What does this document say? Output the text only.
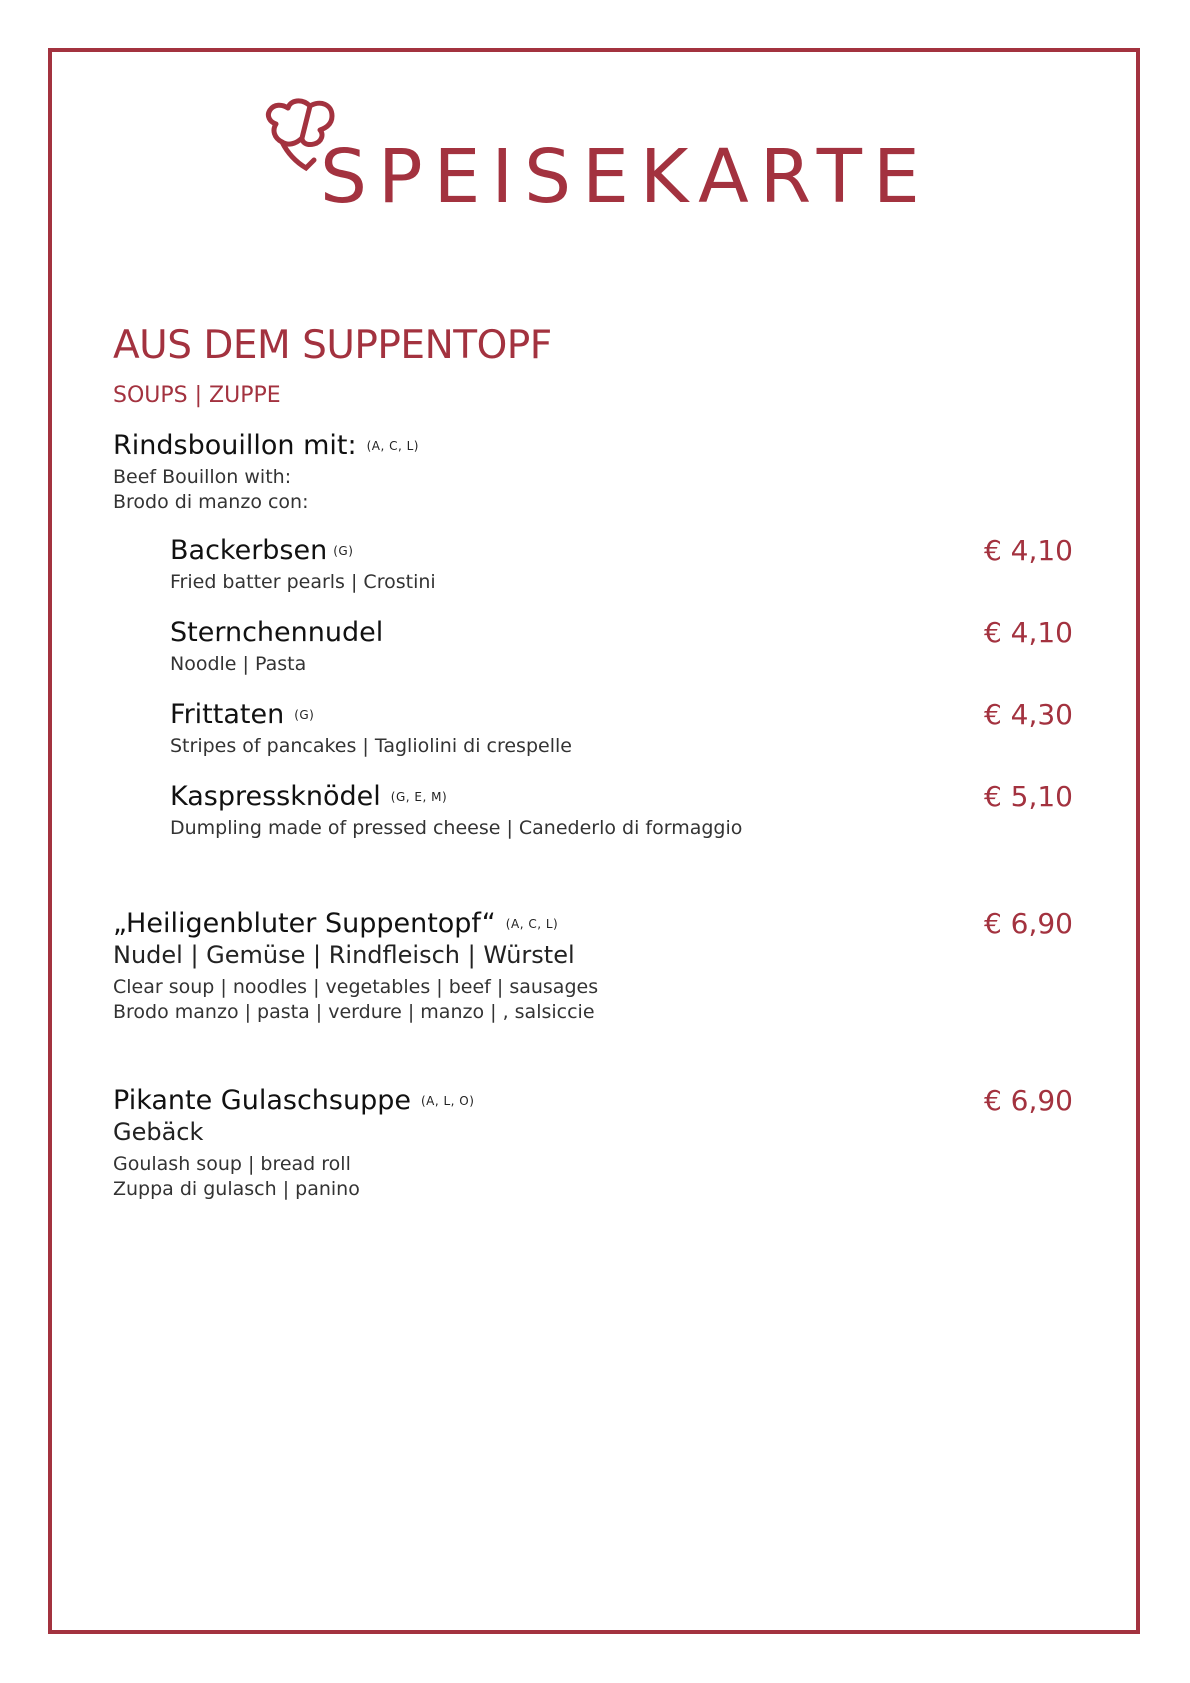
SPEISEKARTE
AUS DEM SUPPENTOPF
SOUPS | ZUPPE
Rindsbouillon mit: (A, C, L)
Beef Bouillon with:
Brodo di manzo con:
Backerbsen (G)
Fried batter pearls | Crostini
€ 4,10
Sternchennudel
Noodle | Pasta
€ 4,10
Frittaten (G)
Stripes of pancakes | Tagliolini di crespelle
€ 4,30
Kaspressknödel (G, E, M)
Dumpling made of pressed cheese | Canederlo di formaggio
€ 5,10
„Heiligenbluter Suppentopf“ (A, C, L)
Nudel | Gemüse | Rindfleisch | Würstel
Clear soup | noodles | vegetables | beef | sausages
Brodo manzo | pasta | verdure | manzo | , salsiccie
€ 6,90
Pikante Gulaschsuppe (A, L, O)
Gebäck
Goulash soup | bread roll
Zuppa di gulasch | panino
€ 6,90
